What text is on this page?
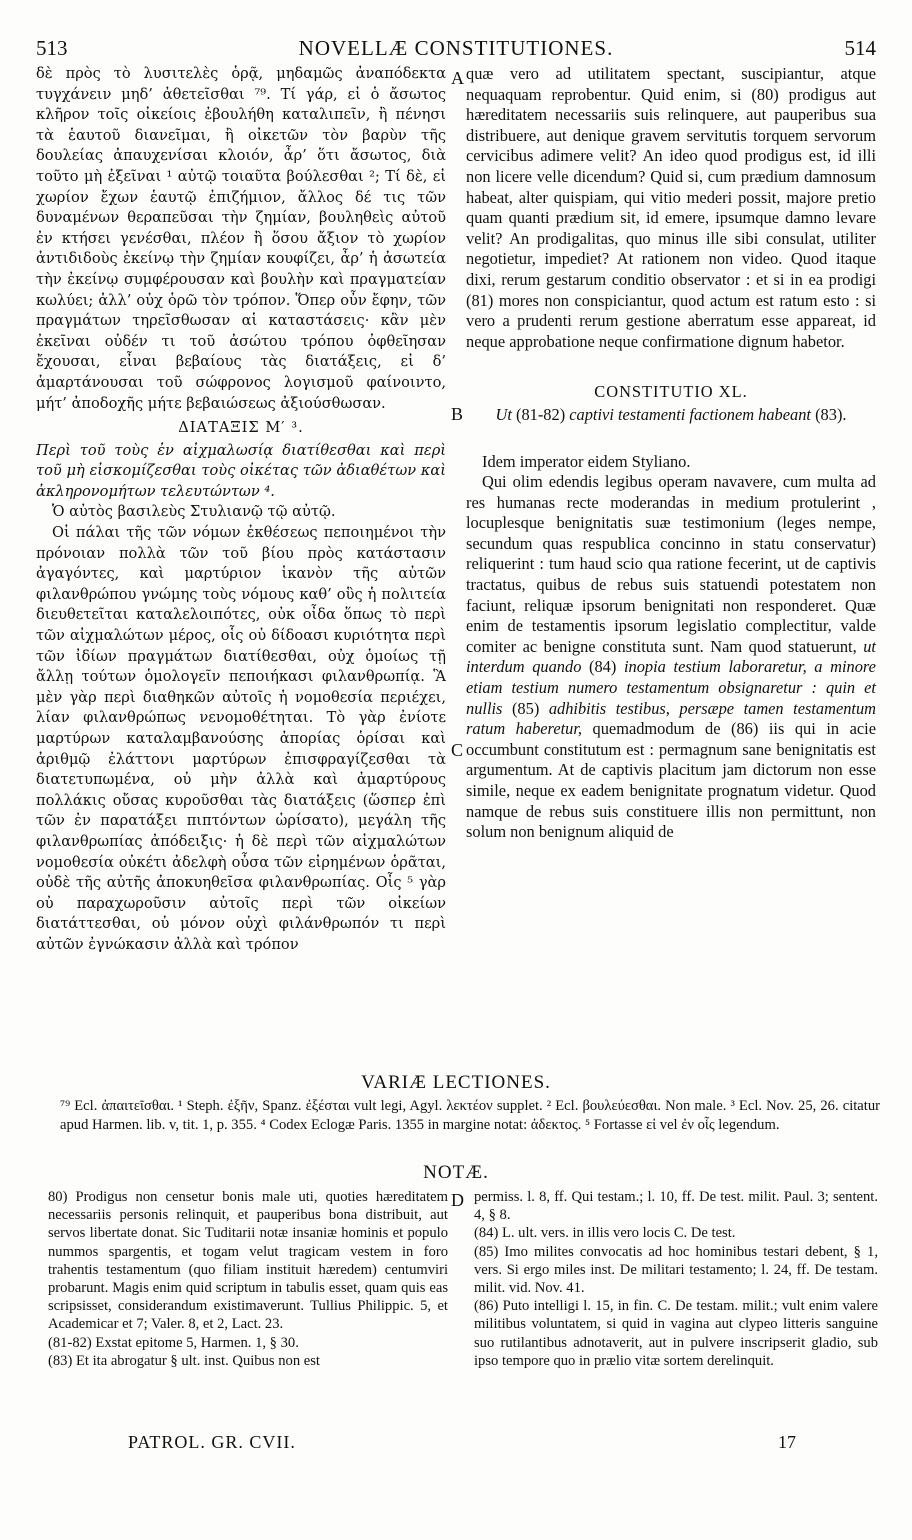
513	NOVELLÆ CONSTITUTIONES.	514

δὲ πρὸς τὸ λυσιτελὲς ὁρᾷ, μηδαμῶς ἀναπόδεκτα τυγχάνειν μηδ’ ἀθετεῖσθαι ⁷⁹. Τί γάρ, εἰ ὁ ἄσωτος κλῆρον τοῖς οἰκείοις ἐβουλήθη καταλιπεῖν, ἢ πένησι τὰ ἑαυτοῦ διανεῖμαι, ἢ οἰκετῶν τὸν βαρὺν τῆς δουλείας ἀπαυχενίσαι κλοιόν, ἆρ’ ὅτι ἄσωτος, διὰ τοῦτο μὴ ἐξεῖναι ¹ αὐτῷ τοιαῦτα βούλεσθαι ²; Τί δὲ, εἰ χωρίον ἔχων ἑαυτῷ ἐπιζήμιον, ἄλλος δέ τις τῶν δυναμένων θεραπεῦσαι τὴν ζημίαν, βουληθεὶς αὐτοῦ ἐν κτήσει γενέσθαι, πλέον ἢ ὅσου ἄξιον τὸ χωρίον ἀντιδιδοὺς ἐκείνῳ τὴν ζημίαν κουφίζει, ἆρ’ ἡ ἀσωτεία τὴν ἐκείνῳ συμφέρουσαν καὶ βουλὴν καὶ πραγματείαν κωλύει; ἀλλ’ οὐχ ὁρῶ τὸν τρόπον. Ὅπερ οὖν ἔφην, τῶν πραγμάτων τηρεῖσθωσαν αἱ καταστάσεις· κἂν μὲν ἐκεῖναι οὐδέν τι τοῦ ἀσώτου τρόπου ὀφθεῖησαν ἔχουσαι, εἶναι βεβαίους τὰς διατάξεις, εἰ δ’ ἁμαρτάνουσαι τοῦ σώφρονος λογισμοῦ φαίνοιντο, μήτ’ ἀποδοχῆς μήτε βεβαιώσεως ἀξιούσθωσαν.

ΔΙΑΤΑΞΙΣ Μ′ ³.

Περὶ τοῦ τοὺς ἐν αἰχμαλωσίᾳ διατίθεσθαι καὶ περὶ τοῦ μὴ εἰσκομίζεσθαι τοὺς οἰκέτας τῶν ἀδιαθέτων καὶ ἀκληρονομήτων τελευτώντων ⁴.

Ὁ αὐτὸς βασιλεὺς Στυλιανῷ τῷ αὐτῷ.

Οἱ πάλαι τῆς τῶν νόμων ἐκθέσεως πεποιημένοι τὴν πρόνοιαν πολλὰ τῶν τοῦ βίου πρὸς κατάστασιν ἀγαγόντες, καὶ μαρτύριον ἱκανὸν τῆς αὐτῶν φιλανθρώπου γνώμης τοὺς νόμους καθ’ οὓς ἡ πολιτεία διευθετεῖται καταλελοιπότες, οὐκ οἶδα ὅπως τὸ περὶ τῶν αἰχμαλώτων μέρος, οἷς οὐ δίδοασι κυριότητα περὶ τῶν ἰδίων πραγμάτων διατίθεσθαι, οὐχ ὁμοίως τῇ ἄλλῃ τούτων ὁμολογεῖν πεποιήκασι φιλανθρωπίᾳ. Ἃ μὲν γὰρ περὶ διαθηκῶν αὐτοῖς ἡ νομοθεσία περιέχει, λίαν φιλανθρώπως νενομοθέτηται. Τὸ γὰρ ἐνίοτε μαρτύρων καταλαμβανούσης ἀπορίας ὁρίσαι καὶ ἀριθμῷ ἐλάττονι μαρτύρων ἐπισφραγίζεσθαι τὰ διατετυπωμένα, οὐ μὴν ἀλλὰ καὶ ἀμαρτύρους πολλάκις οὔσας κυροῦσθαι τὰς διατάξεις (ὥσπερ ἐπὶ τῶν ἐν παρατάξει πιπτόντων ὡρίσατο), μεγάλη τῆς φιλανθρωπίας ἀπόδειξις· ἡ δὲ περὶ τῶν αἰχμαλώτων νομοθεσία οὐκέτι ἀδελφὴ οὖσα τῶν εἰρημένων ὁρᾶται, οὐδὲ τῆς αὐτῆς ἀποκυηθεῖσα φιλανθρωπίας. Οἷς ⁵ γὰρ οὐ παραχωροῦσιν αὐτοῖς περὶ τῶν οἰκείων διατάττεσθαι, οὐ μόνον οὐχὶ φιλάνθρωπόν τι περὶ αὐτῶν ἐγνώκασιν ἀλλὰ καὶ τρόπον

quæ vero ad utilitatem spectant, suscipiantur, atque nequaquam reprobentur. Quid enim, si (80) prodigus aut hæreditatem necessariis suis relinquere, aut pauperibus sua distribuere, aut denique gravem servitutis torquem servorum cervicibus adimere velit? An ideo quod prodigus est, id illi non licere velle dicendum? Quid si, cum prædium damnosum habeat, alter quispiam, qui vitio mederi possit, majore pretio quam quanti prædium sit, id emere, ipsumque damno levare velit? An prodigalitas, quo minus ille sibi consulat, utiliter negotietur, impediet? At rationem non video. Quod itaque dixi, rerum gestarum conditio observator : et si in ea prodigi (81) mores non conspiciantur, quod actum est ratum esto : si vero a prudenti rerum gestione aberratum esse appareat, id neque approbatione neque confirmatione dignum habetor.

CONSTITUTIO XL.

Ut (81-82) captivi testamenti factionem habeant (83).

Idem imperator eidem Styliano.

Qui olim edendis legibus operam navavere, cum multa ad res humanas recte moderandas in medium protulerint , locuplesque benignitatis suæ testimonium (leges nempe, secundum quas respublica concinno in statu conservatur) reliquerint : tum haud scio qua ratione fecerint, ut de captivis tractatus, quibus de rebus suis statuendi potestatem non faciunt, reliquæ ipsorum benignitati non responderet. Quæ enim de testamentis ipsorum legislatio complectitur, valde comiter ac benigne constituta sunt. Nam quod statuerunt, ut interdum quando (84) inopia testium laboraretur, a minore etiam testium numero testamentum obsignaretur : quin et nullis (85) adhibitis testibus, persæpe tamen testamentum ratum haberetur, quemadmodum de (86) iis qui in acie occumbunt constitutum est : permagnum sane benignitatis est argumentum. At de captivis placitum jam dictorum non esse simile, neque ex eadem benignitate prognatum videtur. Quod namque de rebus suis constituere illis non permittunt, non solum non benignum aliquid de

A
B
C
D
VARIÆ LECTIONES.
⁷⁹ Ecl. ἀπαιτεῖσθαι. ¹ Steph. ἐξῆν, Spanz. ἐξέσται vult legi, Agyl. λεκτέον supplet. ² Ecl. βουλεύεσθαι. Non male. ³ Ecl. Nov. 25, 26. citatur apud Harmen. lib. v, tit. 1, p. 355. ⁴ Codex Eclogæ Paris. 1355 in margine notat: ἀδεκτος. ⁵ Fortasse εἰ vel ἐν οἷς legendum.
NOTÆ.

80) Prodigus non censetur bonis male uti, quoties hæreditatem necessariis personis relinquit, et pauperibus bona distribuit, aut servos libertate donat. Sic Tuditarii notæ insaniæ hominis et populo nummos spargentis, et togam velut tragicam vestem in foro trahentis testamentum (quo filiam instituit hæredem) centumviri probarunt. Magis enim quid scriptum in tabulis esset, quam quis eas scripsisset, considerandum existimaverunt. Tullius Philippic. 5, et Academicar et 7; Valer. 8, et 2, Lact. 23.

(81-82) Exstat epitome 5, Harmen. 1, § 30.

(83) Et ita abrogatur § ult. inst. Quibus non est

permiss. l. 8, ff. Qui testam.; l. 10, ff. De test. milit. Paul. 3; sentent. 4, § 8.

(84) L. ult. vers. in illis vero locis C. De test.

(85) Imo milites convocatis ad hoc hominibus testari debent, § 1, vers. Si ergo miles inst. De militari testamento; l. 24, ff. De testam. milit. vid. Nov. 41.

(86) Puto intelligi l. 15, in fin. C. De testam. milit.; vult enim valere militibus voluntatem, si quid in vagina aut clypeo litteris sanguine suo rutilantibus adnotaverit, aut in pulvere inscripserit gladio, sub ipso tempore quo in prælio vitæ sortem derelinquit.

PATROL. GR. CVII.	17
